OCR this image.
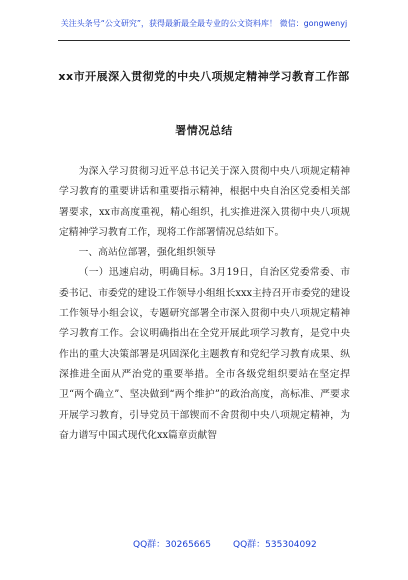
关注头条号“公文研究”，获得最新最全最专业的公文资料库！ 微信：gongwenyj
xx市开展深入贯彻党的中央八项规定精神学习教育工作部
署情况总结

为深入学习贯彻习近平总书记关于深入贯彻中央八项规定精神学习教育的重要讲话和重要指示精神，根据中央自治区党委相关部署要求，xx市高度重视，精心组织，扎实推进深入贯彻中央八项规定精神学习教育工作，现将工作部署情况总结如下。

一、高站位部署，强化组织领导

（一）迅速启动，明确目标。3月19日，自治区党委常委、市委书记、市委党的建设工作领导小组组长xxx主持召开市委党的建设工作领导小组会议，专题研究部署全市深入贯彻中央八项规定精神学习教育工作。会议明确指出在全党开展此项学习教育，是党中央作出的重大决策部署是巩固深化主题教育和党纪学习教育成果、纵深推进全面从严治党的重要举措。全市各级党组织要站在坚定捍卫“两个确立”、坚决做到“两个维护”的政治高度，高标准、严要求开展学习教育，引导党员干部锲而不舍贯彻中央八项规定精神，为奋力谱写中国式现代化xx篇章贡献智

QQ群：30265665 QQ群：535304092
